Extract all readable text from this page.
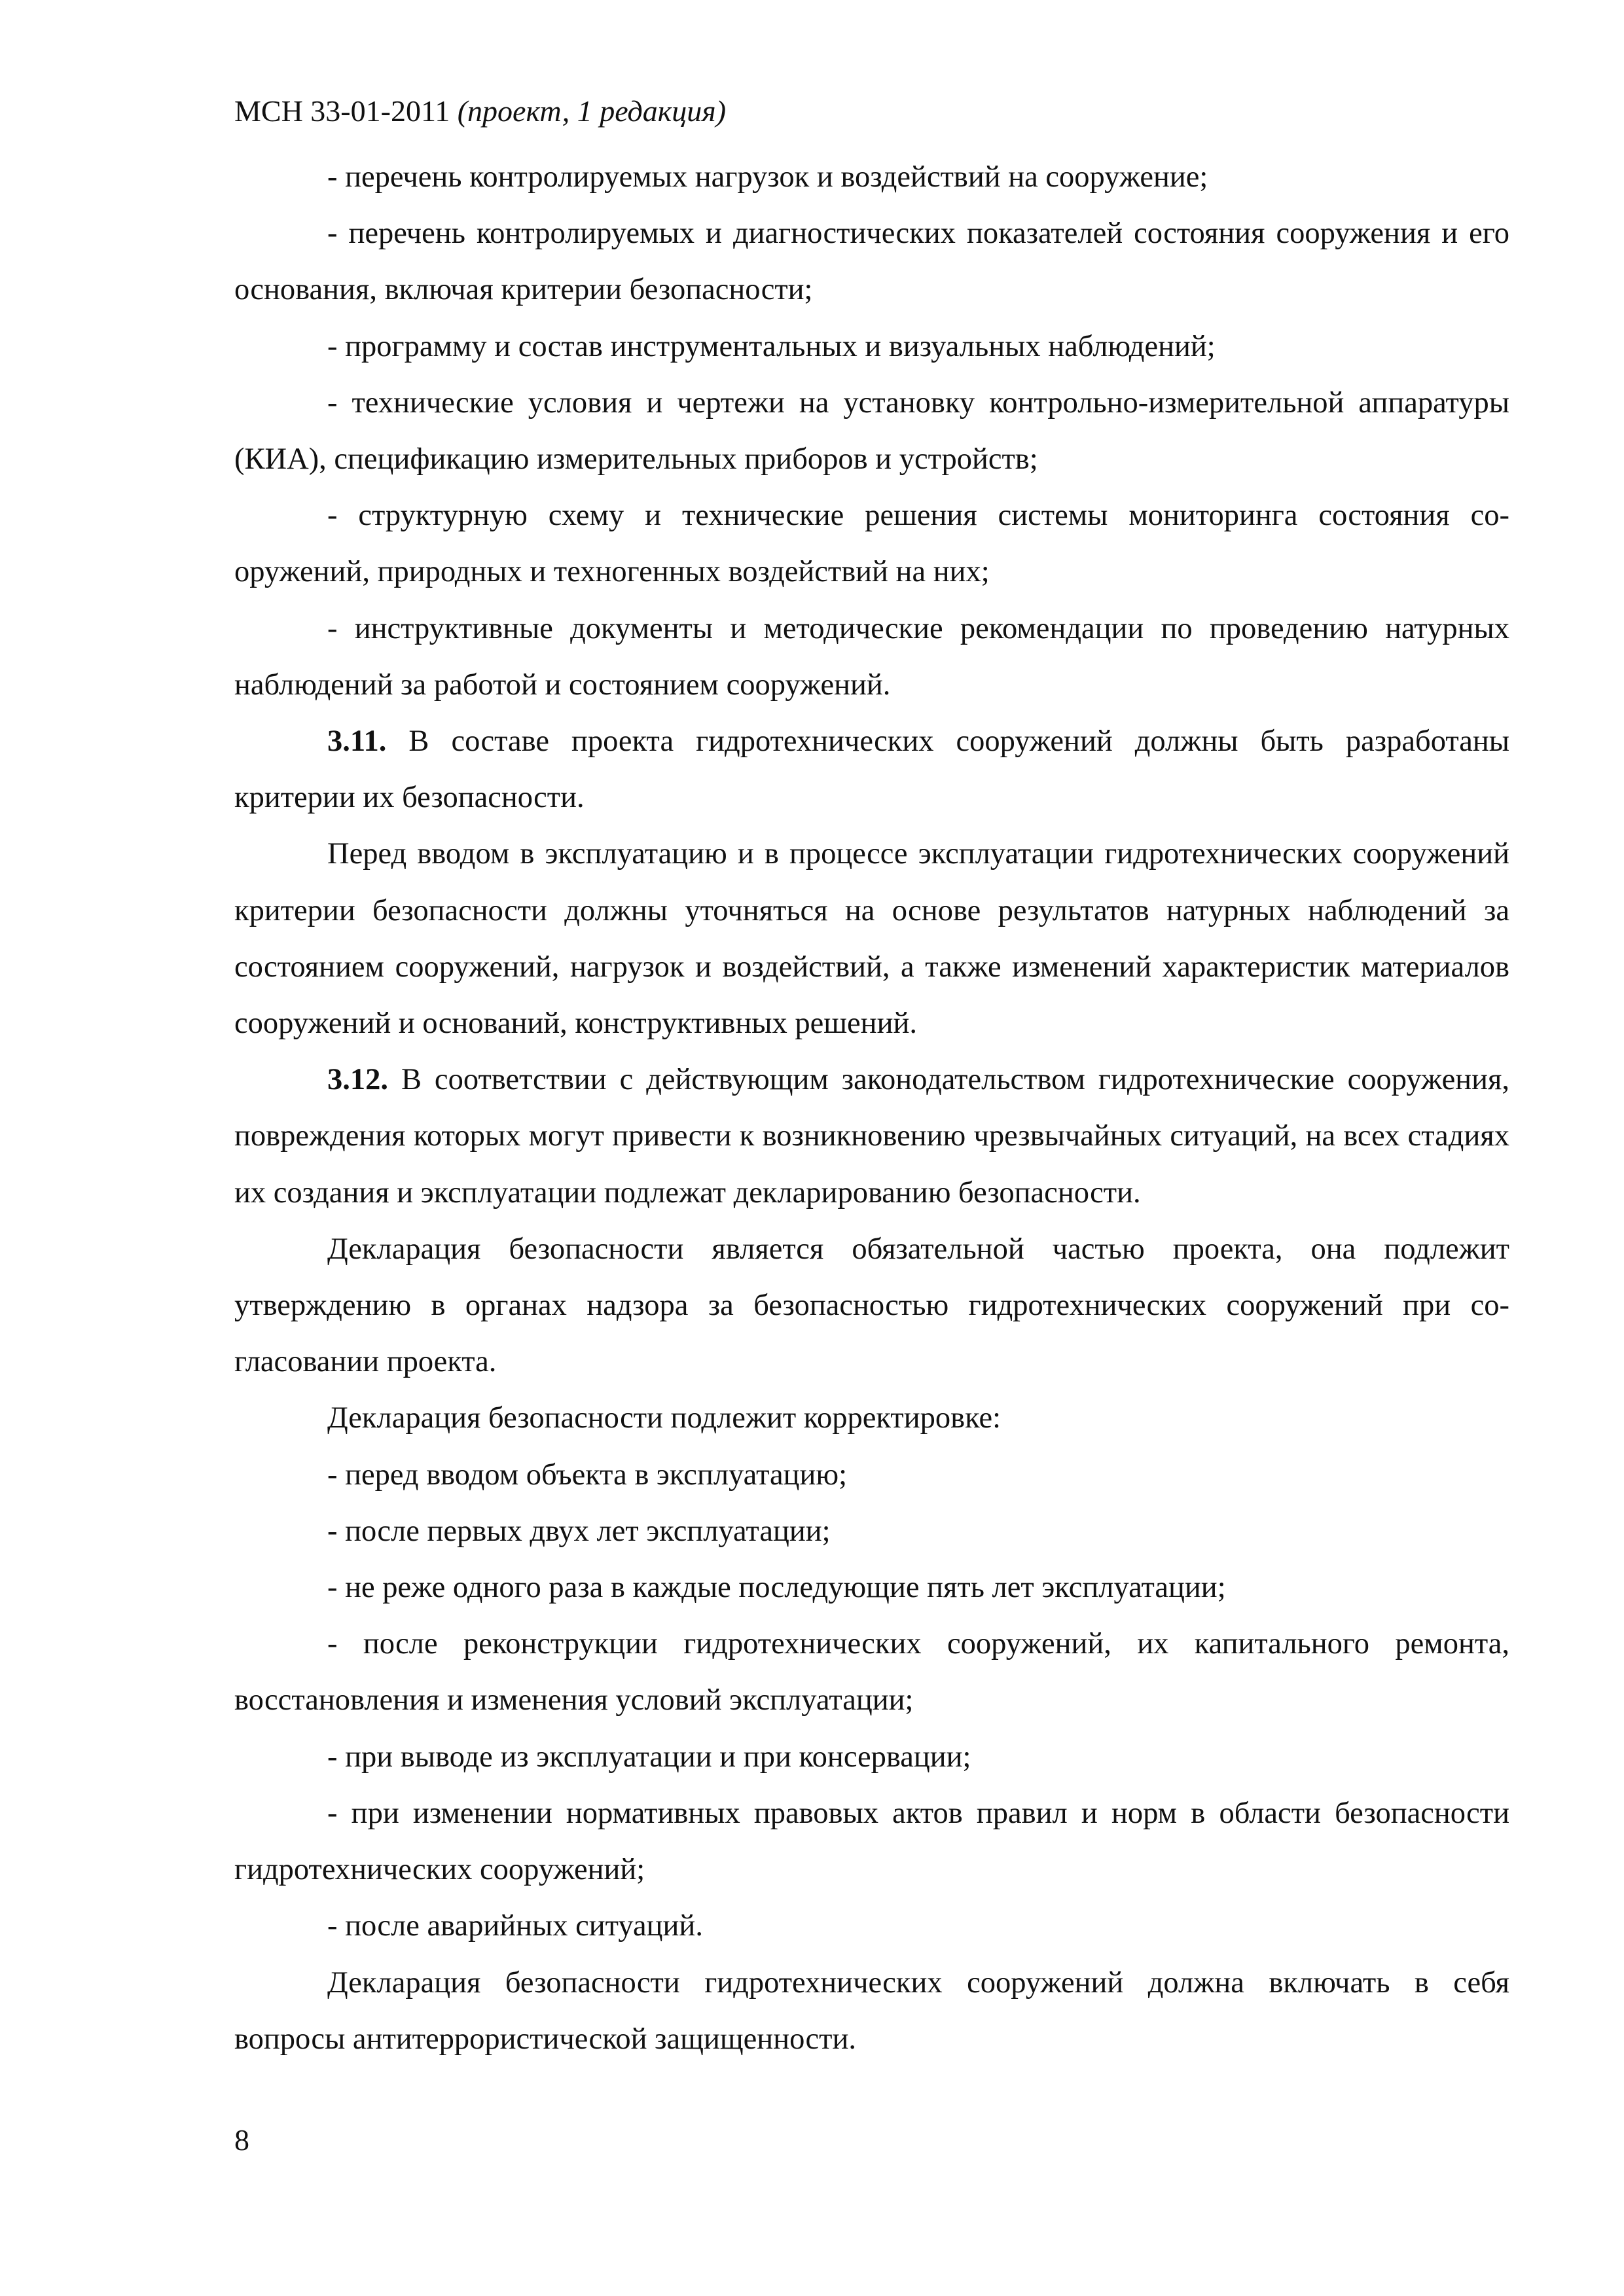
МСН 33-01-2011 (проект, 1 редакция)

- перечень контролируемых нагрузок и воздействий на сооружение;

- перечень контролируемых и диагностических показателей состояния сооружения и его основания, включая критерии безопасности;

- программу и состав инструментальных и визуальных наблюдений;

- технические условия и чертежи на установку контрольно-измерительной аппаратуры (КИА), спецификацию измерительных приборов и устройств;

- структурную схему и технические решения системы мониторинга состояния сооружений, природных и техногенных воздействий на них;

- инструктивные документы и методические рекомендации по проведению натурных наблюдений за работой и состоянием сооружений.

3.11. В составе проекта гидротехнических сооружений должны быть разработаны критерии их безопасности.

Перед вводом в эксплуатацию и в процессе эксплуатации гидротехнических сооружений критерии безопасности должны уточняться на основе результатов натурных наблюдений за состоянием сооружений, нагрузок и воздействий, а также изменений характеристик материалов сооружений и оснований, конструктивных решений.

3.12. В соответствии с действующим законодательством гидротехнические сооружения, повреждения которых могут привести к возникновению чрезвычайных ситуаций, на всех стадиях их создания и эксплуатации подлежат декларированию безопасности.

Декларация безопасности является обязательной частью проекта, она подлежит утверждению в органах надзора за безопасностью гидротехнических сооружений при согласовании проекта.

Декларация безопасности подлежит корректировке:

- перед вводом объекта в эксплуатацию;

- после первых двух лет эксплуатации;

- не реже одного раза в каждые последующие пять лет эксплуатации;

- после реконструкции гидротехнических сооружений, их капитального ремонта, восстановления и изменения условий эксплуатации;

- при выводе из эксплуатации и при консервации;

- при изменении нормативных правовых актов правил и норм в области безопасности гидротехнических сооружений;

- после аварийных ситуаций.

Декларация безопасности гидротехнических сооружений должна включать в себя вопросы антитеррористической защищенности.

8
